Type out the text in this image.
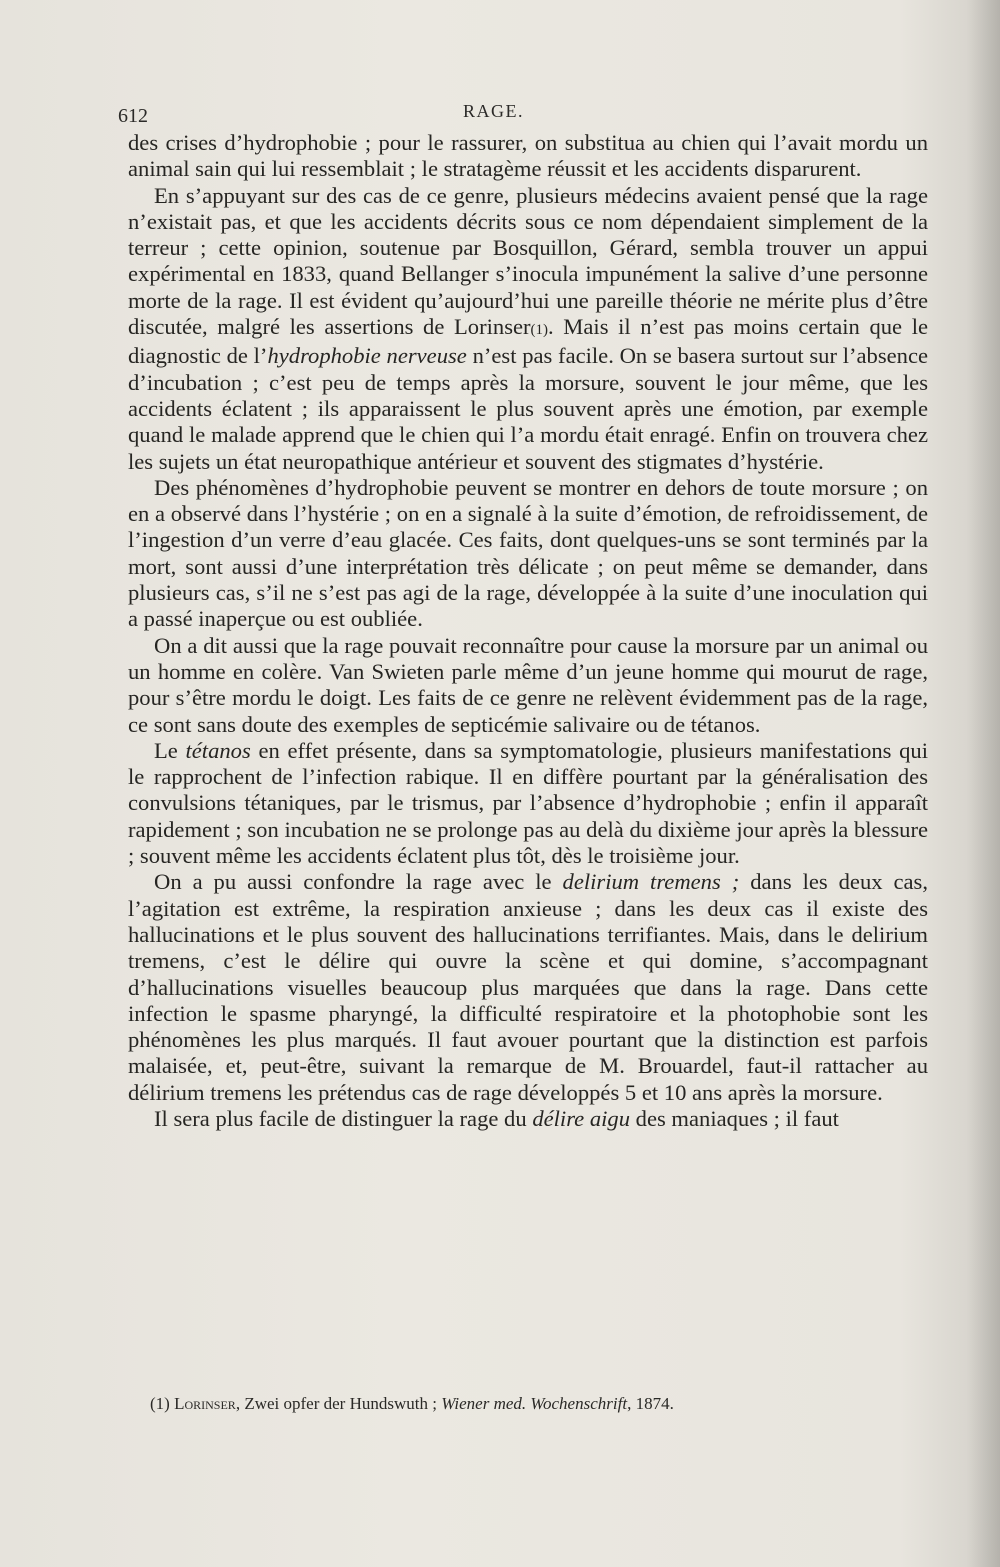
612	RAGE.

des crises d’hydrophobie ; pour le rassurer, on substitua au chien qui l’avait mordu un animal sain qui lui ressemblait ; le stratagème réussit et les accidents disparurent.

En s’appuyant sur des cas de ce genre, plusieurs médecins avaient pensé que la rage n’existait pas, et que les accidents décrits sous ce nom dépendaient simplement de la terreur ; cette opinion, soutenue par Bosquillon, Gérard, sembla trouver un appui expérimental en 1833, quand Bellanger s’inocula impunément la salive d’une personne morte de la rage. Il est évident qu’aujourd’hui une pareille théorie ne mérite plus d’être discutée, malgré les assertions de Lorinser(1). Mais il n’est pas moins certain que le diagnostic de l’hydrophobie nerveuse n’est pas facile. On se basera surtout sur l’absence d’incubation ; c’est peu de temps après la morsure, souvent le jour même, que les accidents éclatent ; ils apparaissent le plus souvent après une émotion, par exemple quand le malade apprend que le chien qui l’a mordu était enragé. Enfin on trouvera chez les sujets un état neuropathique antérieur et souvent des stigmates d’hystérie.

Des phénomènes d’hydrophobie peuvent se montrer en dehors de toute morsure ; on en a observé dans l’hystérie ; on en a signalé à la suite d’émotion, de refroidissement, de l’ingestion d’un verre d’eau glacée. Ces faits, dont quelques-uns se sont terminés par la mort, sont aussi d’une interprétation très délicate ; on peut même se demander, dans plusieurs cas, s’il ne s’est pas agi de la rage, développée à la suite d’une inoculation qui a passé inaperçue ou est oubliée.

On a dit aussi que la rage pouvait reconnaître pour cause la morsure par un animal ou un homme en colère. Van Swieten parle même d’un jeune homme qui mourut de rage, pour s’être mordu le doigt. Les faits de ce genre ne relèvent évidemment pas de la rage, ce sont sans doute des exemples de septicémie salivaire ou de tétanos.

Le tétanos en effet présente, dans sa symptomatologie, plusieurs manifestations qui le rapprochent de l’infection rabique. Il en diffère pourtant par la généralisation des convulsions tétaniques, par le trismus, par l’absence d’hydrophobie ; enfin il apparaît rapidement ; son incubation ne se prolonge pas au delà du dixième jour après la blessure ; souvent même les accidents éclatent plus tôt, dès le troisième jour.

On a pu aussi confondre la rage avec le delirium tremens ; dans les deux cas, l’agitation est extrême, la respiration anxieuse ; dans les deux cas il existe des hallucinations et le plus souvent des hallucinations terrifiantes. Mais, dans le delirium tremens, c’est le délire qui ouvre la scène et qui domine, s’accompagnant d’hallucinations visuelles beaucoup plus marquées que dans la rage. Dans cette infection le spasme pharyngé, la difficulté respiratoire et la photophobie sont les phénomènes les plus marqués. Il faut avouer pourtant que la distinction est parfois malaisée, et, peut-être, suivant la remarque de M. Brouardel, faut-il rattacher au délirium tremens les prétendus cas de rage développés 5 et 10 ans après la morsure.

Il sera plus facile de distinguer la rage du délire aigu des maniaques ; il faut

(1) Lorinser, Zwei opfer der Hundswuth ; Wiener med. Wochenschrift, 1874.
